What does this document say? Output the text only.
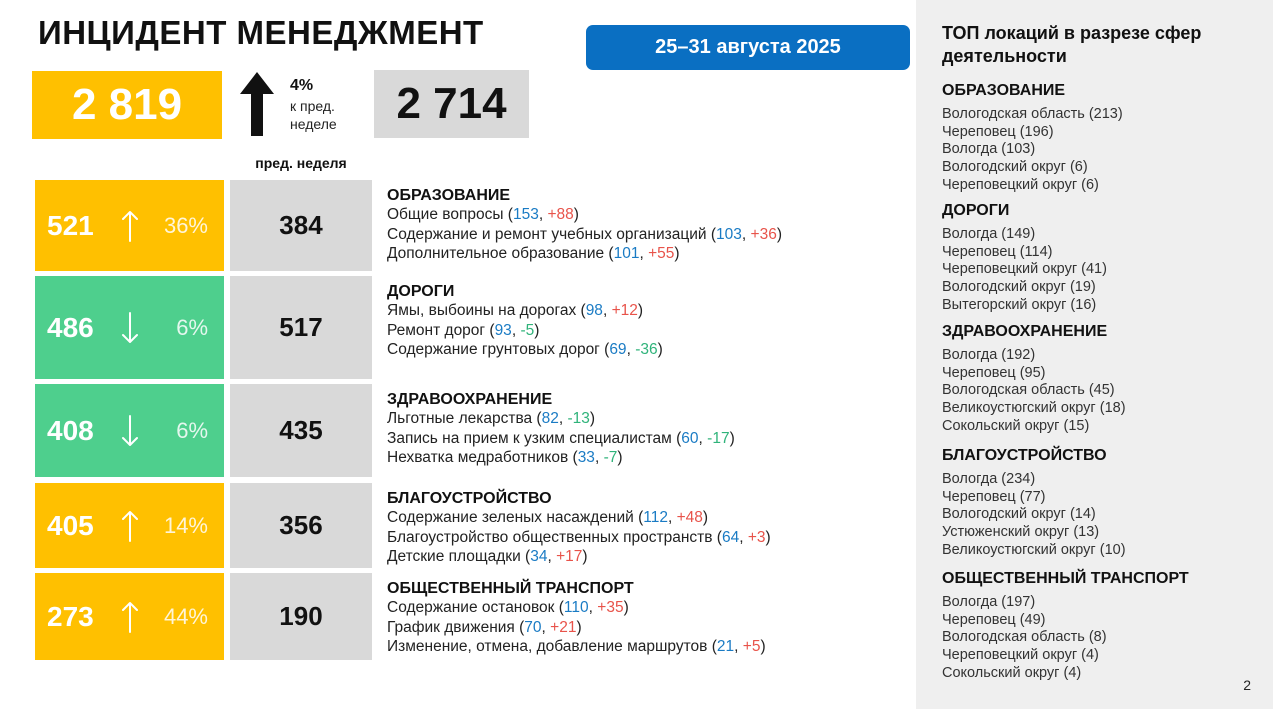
ИНЦИДЕНТ МЕНЕДЖМЕНТ	25–31 августа 2025
2 819	4%
к пред. неделе	2 714
пред. неделя
521	36%	384
ОБРАЗОВАНИЕ
Общие вопросы (153, +88)
Содержание и ремонт учебных организаций (103, +36)
Дополнительное образование (101, +55)
486	6%	517
ДОРОГИ
Ямы, выбоины на дорогах (98, +12)
Ремонт дорог (93, -5)
Содержание грунтовых дорог (69, -36)
408	6%	435
ЗДРАВООХРАНЕНИЕ
Льготные лекарства (82, -13)
Запись на прием к узким специалистам (60, -17)
Нехватка медработников (33, -7)
405	14%	356
БЛАГОУСТРОЙСТВО
Содержание зеленых насаждений (112, +48)
Благоустройство общественных пространств (64, +3)
Детские площадки (34, +17)
273	44%	190
ОБЩЕСТВЕННЫЙ ТРАНСПОРТ
Содержание остановок (110, +35)
График движения (70, +21)
Изменение, отмена, добавление маршрутов (21, +5)
ТОП локаций в разрезе сфер деятельности
ОБРАЗОВАНИЕ
Вологодская область (213)
Череповец (196)
Вологда (103)
Вологодский округ (6)
Череповецкий округ (6)
ДОРОГИ
Вологда (149)
Череповец (114)
Череповецкий округ (41)
Вологодский округ (19)
Вытегорский округ (16)
ЗДРАВООХРАНЕНИЕ
Вологда (192)
Череповец (95)
Вологодская область (45)
Великоустюгский округ (18)
Сокольский округ (15)
БЛАГОУСТРОЙСТВО
Вологда (234)
Череповец (77)
Вологодский округ (14)
Устюженский округ (13)
Великоустюгский округ (10)
ОБЩЕСТВЕННЫЙ ТРАНСПОРТ
Вологда (197)
Череповец (49)
Вологодская область (8)
Череповецкий округ (4)
Сокольский округ (4)
2
